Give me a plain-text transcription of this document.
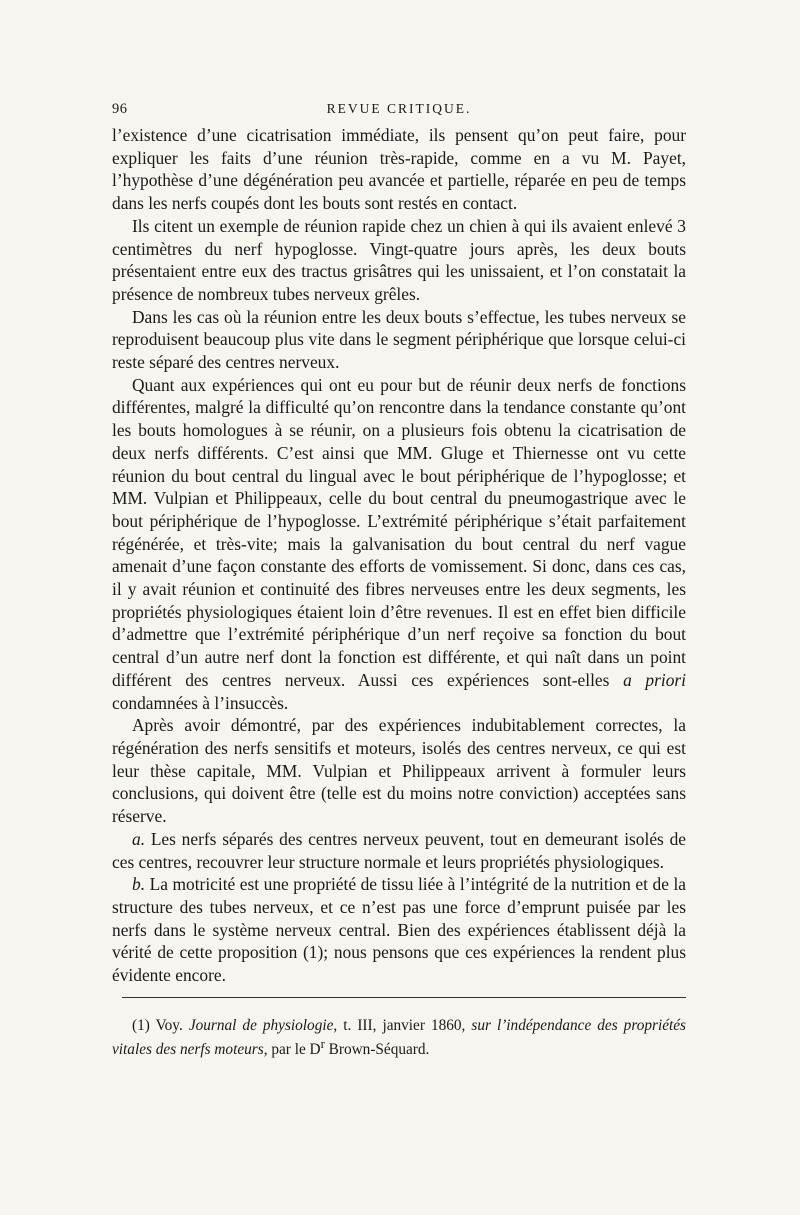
96	REVUE CRITIQUE.

l’existence d’une cicatrisation immédiate, ils pensent qu’on peut faire, pour expliquer les faits d’une réunion très-rapide, comme en a vu M. Payet, l’hypothèse d’une dégénération peu avancée et partielle, réparée en peu de temps dans les nerfs coupés dont les bouts sont restés en contact.

Ils citent un exemple de réunion rapide chez un chien à qui ils avaient enlevé 3 centimètres du nerf hypoglosse. Vingt-quatre jours après, les deux bouts présentaient entre eux des tractus grisâtres qui les unissaient, et l’on constatait la présence de nombreux tubes nerveux grêles.

Dans les cas où la réunion entre les deux bouts s’effectue, les tubes nerveux se reproduisent beaucoup plus vite dans le segment périphérique que lorsque celui-ci reste séparé des centres nerveux.

Quant aux expériences qui ont eu pour but de réunir deux nerfs de fonctions différentes, malgré la difficulté qu’on rencontre dans la tendance constante qu’ont les bouts homologues à se réunir, on a plusieurs fois obtenu la cicatrisation de deux nerfs différents. C’est ainsi que MM. Gluge et Thiernesse ont vu cette réunion du bout central du lingual avec le bout périphérique de l’hypoglosse; et MM. Vulpian et Philippeaux, celle du bout central du pneumogastrique avec le bout périphérique de l’hypoglosse. L’extrémité périphérique s’était parfaitement régénérée, et très-vite; mais la galvanisation du bout central du nerf vague amenait d’une façon constante des efforts de vomissement. Si donc, dans ces cas, il y avait réunion et continuité des fibres nerveuses entre les deux segments, les propriétés physiologiques étaient loin d’être revenues. Il est en effet bien difficile d’admettre que l’extrémité périphérique d’un nerf reçoive sa fonction du bout central d’un autre nerf dont la fonction est différente, et qui naît dans un point différent des centres nerveux. Aussi ces expériences sont-elles a priori condamnées à l’insuccès.

Après avoir démontré, par des expériences indubitablement correctes, la régénération des nerfs sensitifs et moteurs, isolés des centres nerveux, ce qui est leur thèse capitale, MM. Vulpian et Philippeaux arrivent à formuler leurs conclusions, qui doivent être (telle est du moins notre conviction) acceptées sans réserve.

a. Les nerfs séparés des centres nerveux peuvent, tout en demeurant isolés de ces centres, recouvrer leur structure normale et leurs propriétés physiologiques.

b. La motricité est une propriété de tissu liée à l’intégrité de la nutrition et de la structure des tubes nerveux, et ce n’est pas une force d’emprunt puisée par les nerfs dans le système nerveux central. Bien des expériences établissent déjà la vérité de cette proposition (1); nous pensons que ces expériences la rendent plus évidente encore.

(1) Voy. Journal de physiologie, t. III, janvier 1860, sur l’indépendance des propriétés vitales des nerfs moteurs, par le $D^r$ Brown-Séquard.
